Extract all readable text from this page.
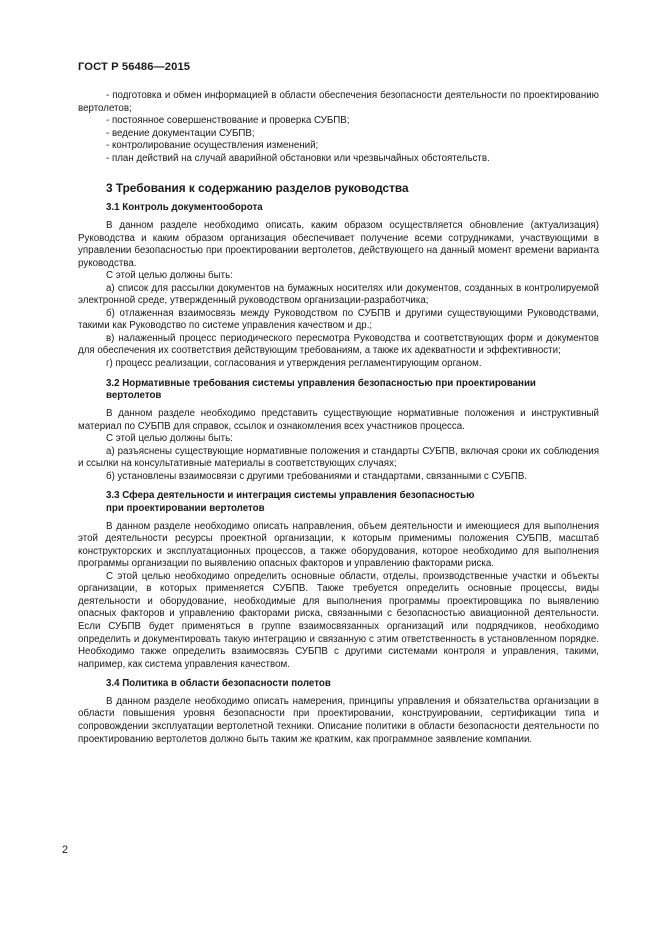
ГОСТ Р 56486—2015

- подготовка и обмен информацией в области обеспечения безопасности деятельности по проектированию вертолетов;

- постоянное совершенствование и проверка СУБПВ;

- ведение документации СУБПВ;

- контролирование осуществления изменений;

- план действий на случай аварийной обстановки или чрезвычайных обстоятельств.

3 Требования к содержанию разделов руководства
3.1 Контроль документооборота

В данном разделе необходимо описать, каким образом осуществляется обновление (актуализация) Руководства и каким образом организация обеспечивает получение всеми сотрудниками, участвующими в управлении безопасностью при проектировании вертолетов, действующего на данный момент времени варианта руководства.

С этой целью должны быть:

а) список для рассылки документов на бумажных носителях или документов, созданных в контролируемой электронной среде, утвержденный руководством организации-разработчика;

б) отлаженная взаимосвязь между Руководством по СУБПВ и другими существующими Руководствами, такими как Руководство по системе управления качеством и др.;

в) налаженный процесс периодического пересмотра Руководства и соответствующих форм и документов для обеспечения их соответствия действующим требованиям, а также их адекватности и эффективности;

г) процесс реализации, согласования и утверждения регламентирующим органом.

3.2 Нормативные требования системы управления безопасностью при проектировании
вертолетов

В данном разделе необходимо представить существующие нормативные положения и инструктивный материал по СУБПВ для справок, ссылок и ознакомления всех участников процесса.

С этой целью должны быть:

а) разъяснены существующие нормативные положения и стандарты СУБПВ, включая сроки их соблюдения и ссылки на консультативные материалы в соответствующих случаях;

б) установлены взаимосвязи с другими требованиями и стандартами, связанными с СУБПВ.

3.3 Сфера деятельности и интеграция системы управления безопасностью
при проектировании вертолетов

В данном разделе необходимо описать направления, объем деятельности и имеющиеся для выполнения этой деятельности ресурсы проектной организации, к которым применимы положения СУБПВ, масштаб конструкторских и эксплуатационных процессов, а также оборудования, которое необходимо для выполнения программы организации по выявлению опасных факторов и управлению факторами риска.

С этой целью необходимо определить основные области, отделы, производственные участки и объекты организации, в которых применяется СУБПВ. Также требуется определить основные процессы, виды деятельности и оборудование, необходимые для выполнения программы проектировщика по выявлению опасных факторов и управлению факторами риска, связанными с безопасностью авиационной деятельности. Если СУБПВ будет применяться в группе взаимосвязанных организаций или подрядчиков, необходимо определить и документировать такую интеграцию и связанную с этим ответственность в установленном порядке. Необходимо также определить взаимосвязь СУБПВ с другими системами контроля и управления, такими, например, как система управления качеством.

3.4 Политика в области безопасности полетов

В данном разделе необходимо описать намерения, принципы управления и обязательства организации в области повышения уровня безопасности при проектировании, конструировании, сертификации типа и сопровождении эксплуатации вертолетной техники. Описание политики в области безопасности деятельности по проектированию вертолетов должно быть таким же кратким, как программное заявление компании.

2
